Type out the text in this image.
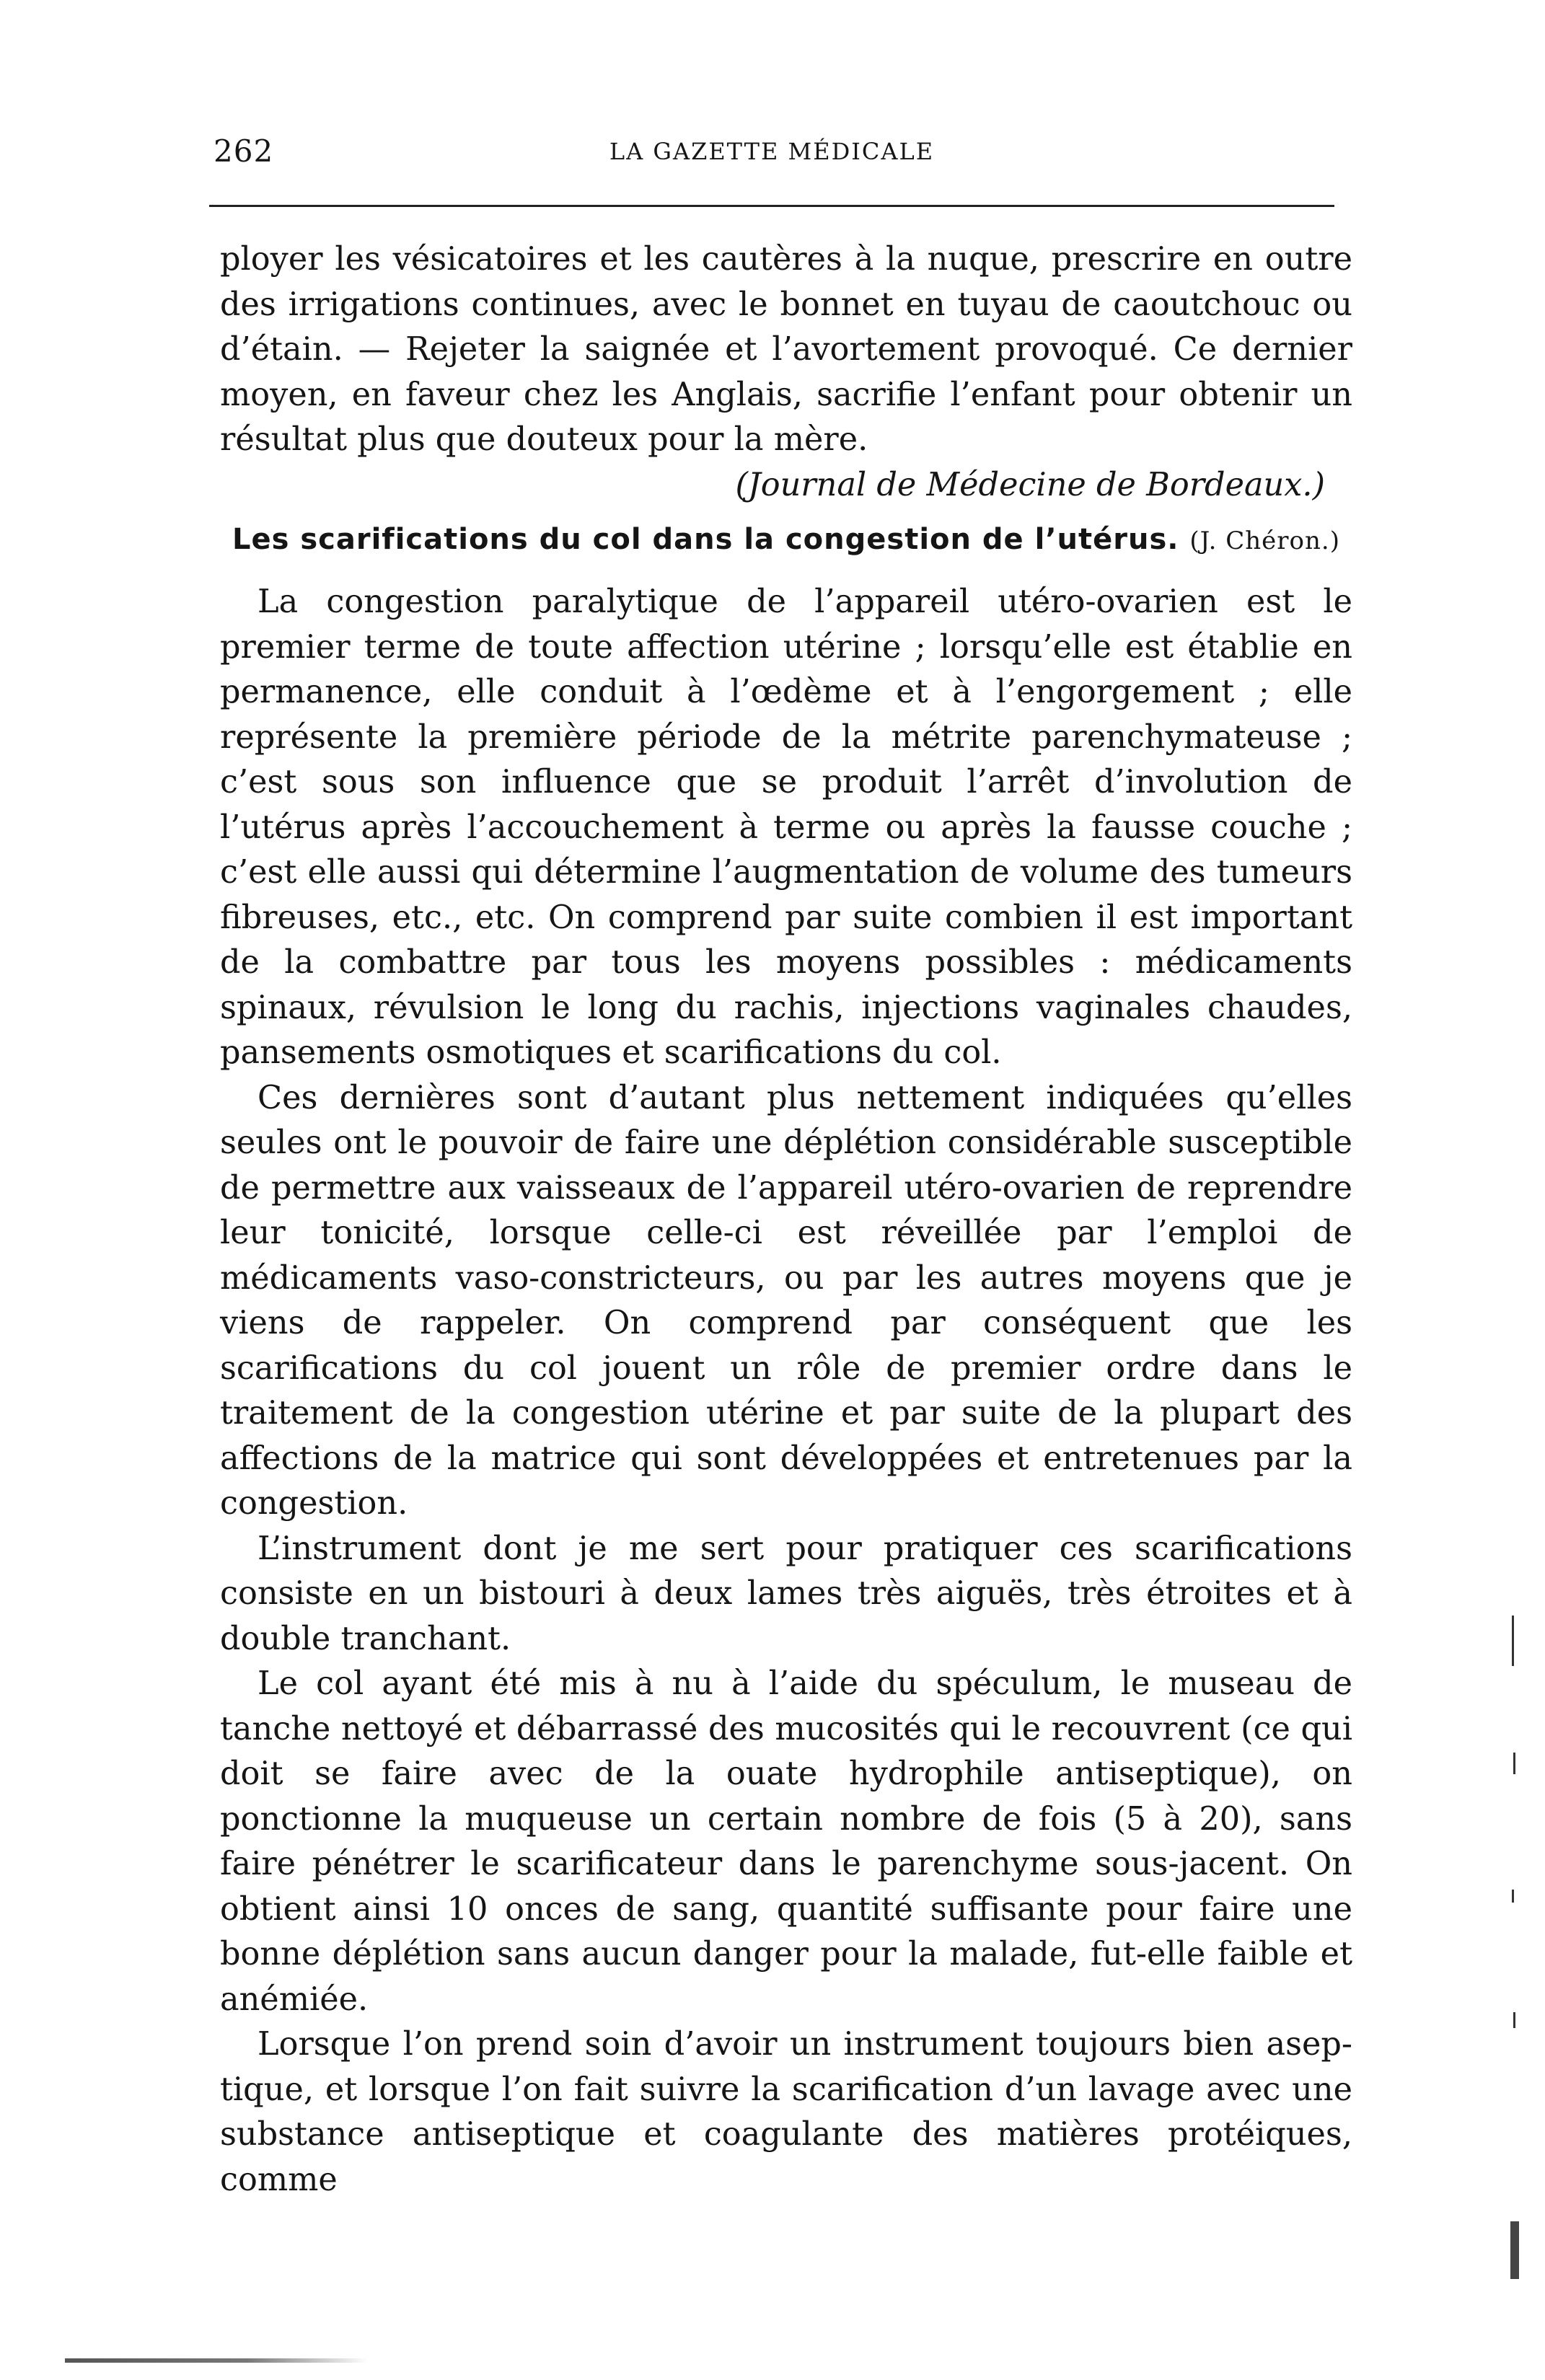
262	LA GAZETTE MÉDICALE

ployer les vésicatoires et les cautères à la nuque, prescrire en outre des irrigations continues, avec le bonnet en tuyau de caoutchouc ou d’étain. — Rejeter la saignée et l’avortement provoqué. Ce dernier moyen, en faveur chez les Anglais, sacrifie l’enfant pour obtenir un résultat plus que douteux pour la mère.

(Journal de Médecine de Bordeaux.)

Les scarifications du col dans la congestion de l’utérus. (J. Chéron.)

La congestion paralytique de l’appareil utéro-ovarien est le premier terme de toute affection utérine ; lorsqu’elle est établie en permanence, elle conduit à l’œdème et à l’engorgement ; elle représente la première période de la métrite parenchymateuse ; c’est sous son influence que se produit l’arrêt d’involution de l’utérus après l’accouchement à terme ou après la fausse couche ; c’est elle aussi qui détermine l’augmentation de volume des tumeurs fibreuses, etc., etc. On comprend par suite combien il est important de la combattre par tous les moyens possibles : médicaments spinaux, révulsion le long du rachis, injections vaginales chaudes, pansements osmotiques et scarifications du col.

Ces dernières sont d’autant plus nettement indiquées qu’elles seules ont le pouvoir de faire une déplétion considérable susceptible de permettre aux vaisseaux de l’appareil utéro-ovarien de reprendre leur tonicité, lorsque celle-ci est réveillée par l’emploi de médicaments vaso-constricteurs, ou par les autres moyens que je viens de rappeler. On comprend par conséquent que les scarifications du col jouent un rôle de premier ordre dans le traitement de la congestion utérine et par suite de la plupart des affections de la matrice qui sont développées et entretenues par la congestion.

L’instrument dont je me sert pour pratiquer ces scarifications consiste en un bistouri à deux lames très aiguës, très étroites et à double tranchant.

Le col ayant été mis à nu à l’aide du spéculum, le museau de tanche nettoyé et débarrassé des mucosités qui le recouvrent (ce qui doit se faire avec de la ouate hydrophile antiseptique), on ponctionne la muqueuse un certain nombre de fois (5 à 20), sans faire pénétrer le scarificateur dans le parenchyme sous-jacent. On obtient ainsi 10 onces de sang, quantité suffisante pour faire une bonne déplétion sans aucun danger pour la malade, fut-elle faible et anémiée.

Lorsque l’on prend soin d’avoir un instrument toujours bien aseptique, et lorsque l’on fait suivre la scarification d’un lavage avec une substance antiseptique et coagulante des matières protéiques, comme
